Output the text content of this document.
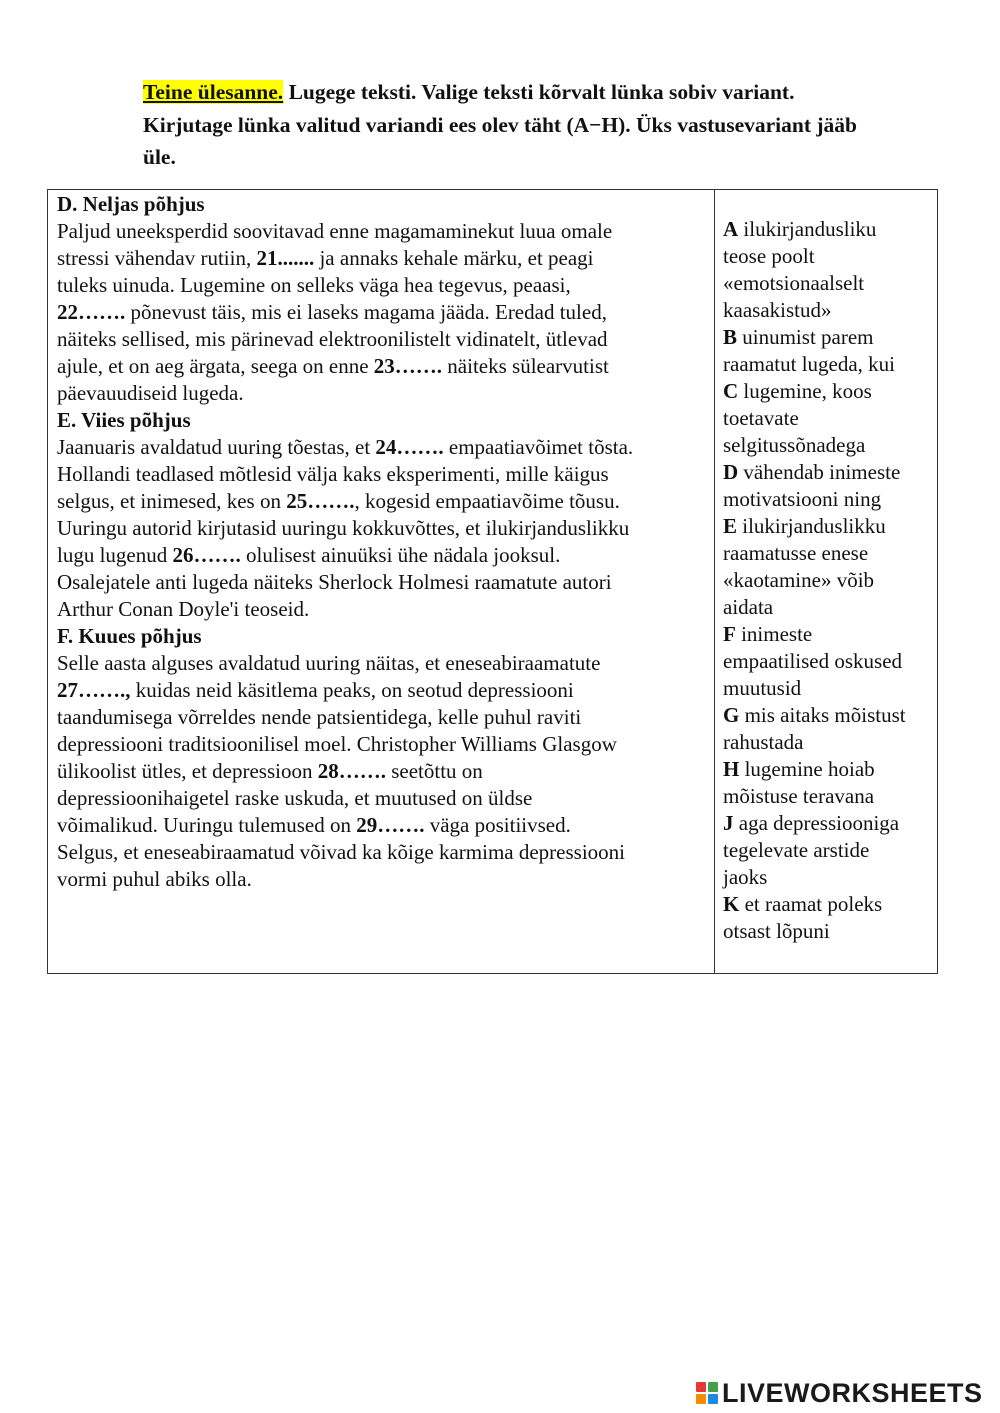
Teine ülesanne. Lugege teksti. Valige teksti kõrvalt lünka sobiv variant.
Kirjutage lünka valitud variandi ees olev täht (A−H). Üks vastusevariant jääb
üle.
D. Neljas põhjus
Paljud uneeksperdid soovitavad enne magamaminekut luua omale
stressi vähendav rutiin, 21....... ja annaks kehale märku, et peagi
tuleks uinuda. Lugemine on selleks väga hea tegevus, peaasi,
22……. põnevust täis, mis ei laseks magama jääda. Eredad tuled,
näiteks sellised, mis pärinevad elektroonilistelt vidinatelt, ütlevad
ajule, et on aeg ärgata, seega on enne 23……. näiteks sülearvutist
päevauudiseid lugeda.
E. Viies põhjus
Jaanuaris avaldatud uuring tõestas, et 24……. empaatiavõimet tõsta.
Hollandi teadlased mõtlesid välja kaks eksperimenti, mille käigus
selgus, et inimesed, kes on 25……., kogesid empaatiavõime tõusu.
Uuringu autorid kirjutasid uuringu kokkuvõttes, et ilukirjanduslikku
lugu lugenud 26……. olulisest ainuüksi ühe nädala jooksul.
Osalejatele anti lugeda näiteks Sherlock Holmesi raamatute autori
Arthur Conan Doyle'i teoseid.
F. Kuues põhjus
Selle aasta alguses avaldatud uuring näitas, et eneseabiraamatute
27……., kuidas neid käsitlema peaks, on seotud depressiooni
taandumisega võrreldes nende patsientidega, kelle puhul raviti
depressiooni traditsioonilisel moel. Christopher Williams Glasgow
ülikoolist ütles, et depressioon 28……. seetõttu on
depressioonihaigetel raske uskuda, et muutused on üldse
võimalikud. Uuringu tulemused on 29……. väga positiivsed.
Selgus, et eneseabiraamatud võivad ka kõige karmima depressiooni
vormi puhul abiks olla.
A ilukirjandusliku
teose poolt
«emotsionaalselt
kaasakistud»
B uinumist parem
raamatut lugeda, kui
C lugemine, koos
toetavate
selgitussõnadega
D vähendab inimeste
motivatsiooni ning
E ilukirjanduslikku
raamatusse enese
«kaotamine» võib
aidata
F inimeste
empaatilised oskused
muutusid
G mis aitaks mõistust
rahustada
H lugemine hoiab
mõistuse teravana
J aga depressiooniga
tegelevate arstide
jaoks
K et raamat poleks
otsast lõpuni
LIVEWORKSHEETS
